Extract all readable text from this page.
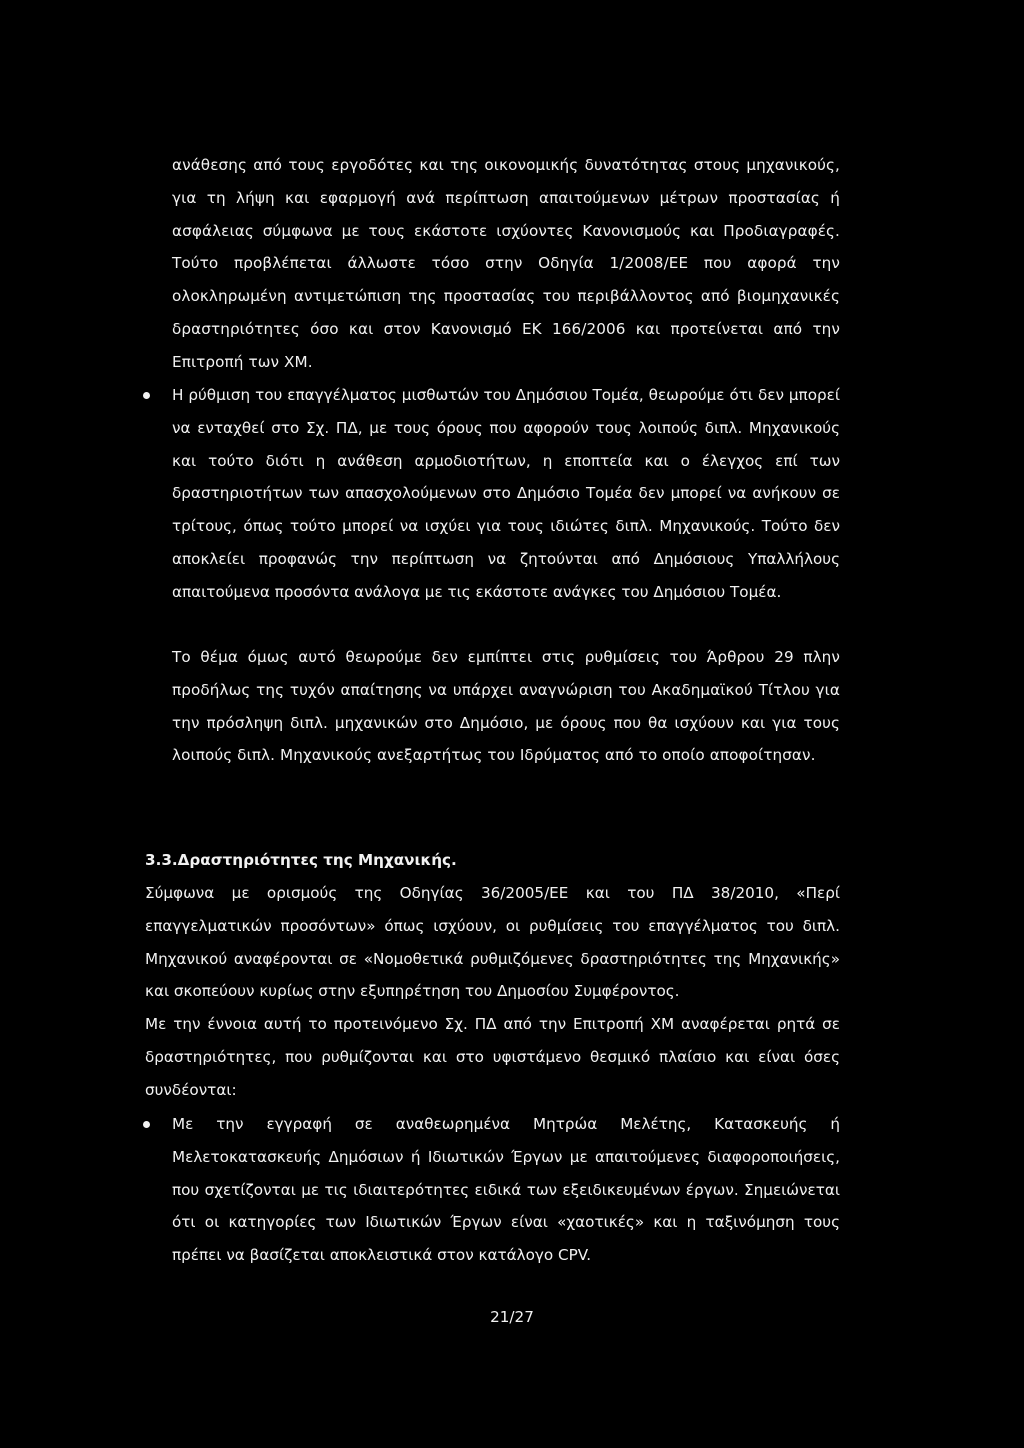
ανάθεσης από τους εργοδότες και της οικονομικής δυνατότητας στους μηχανικούς, για τη λήψη και εφαρμογή ανά περίπτωση απαιτούμενων μέτρων προστασίας ή ασφάλειας σύμφωνα με τους εκάστοτε ισχύοντες Κανονισμούς και Προδιαγραφές. Τούτο προβλέπεται άλλωστε τόσο στην Οδηγία 1/2008/ΕΕ που αφορά την ολοκληρωμένη αντιμετώπιση της προστασίας του περιβάλλοντος από βιομηχανικές δραστηριότητες όσο και στον Κανονισμό ΕΚ 166/2006 και προτείνεται από την Επιτροπή των ΧΜ.

Η ρύθμιση του επαγγέλματος μισθωτών του Δημόσιου Τομέα, θεωρούμε ότι δεν μπορεί να ενταχθεί στο Σχ. ΠΔ, με τους όρους που αφορούν τους λοιπούς διπλ. Μηχανικούς και τούτο διότι η ανάθεση αρμοδιοτήτων, η εποπτεία και ο έλεγχος επί των δραστηριοτήτων των απασχολούμενων στο Δημόσιο Τομέα δεν μπορεί να ανήκουν σε τρίτους, όπως τούτο μπορεί να ισχύει για τους ιδιώτες διπλ. Μηχανικούς. Τούτο δεν αποκλείει προφανώς την περίπτωση να ζητούνται από Δημόσιους Υπαλλήλους απαιτούμενα προσόντα ανάλογα με τις εκάστοτε ανάγκες του Δημόσιου Τομέα.

Το θέμα όμως αυτό θεωρούμε δεν εμπίπτει στις ρυθμίσεις του Άρθρου 29 πλην προδήλως της τυχόν απαίτησης να υπάρχει αναγνώριση του Ακαδημαϊκού Τίτλου για την πρόσληψη διπλ. μηχανικών στο Δημόσιο, με όρους που θα ισχύουν και για τους λοιπούς διπλ. Μηχανικούς ανεξαρτήτως του Ιδρύματος από το οποίο αποφοίτησαν.

3.3.Δραστηριότητες της Μηχανικής.

Σύμφωνα με ορισμούς της Οδηγίας 36/2005/ΕΕ και του ΠΔ 38/2010, «Περί επαγγελματικών προσόντων» όπως ισχύουν, οι ρυθμίσεις του επαγγέλματος του διπλ. Μηχανικού αναφέρονται σε «Νομοθετικά ρυθμιζόμενες δραστηριότητες της Μηχανικής» και σκοπεύουν κυρίως στην εξυπηρέτηση του Δημοσίου Συμφέροντος.

Με την έννοια αυτή το προτεινόμενο Σχ. ΠΔ από την Επιτροπή ΧΜ αναφέρεται ρητά σε δραστηριότητες, που ρυθμίζονται και στο υφιστάμενο θεσμικό πλαίσιο και είναι όσες συνδέονται:

Με την εγγραφή σε αναθεωρημένα Μητρώα Μελέτης, Κατασκευής ή Μελετοκατασκευής Δημόσιων ή Ιδιωτικών Έργων με απαιτούμενες διαφοροποιήσεις, που σχετίζονται με τις ιδιαιτερότητες ειδικά των εξειδικευμένων έργων. Σημειώνεται ότι οι κατηγορίες των Ιδιωτικών Έργων είναι «χαοτικές» και η ταξινόμηση τους πρέπει να βασίζεται αποκλειστικά στον κατάλογο CPV.

21/27
